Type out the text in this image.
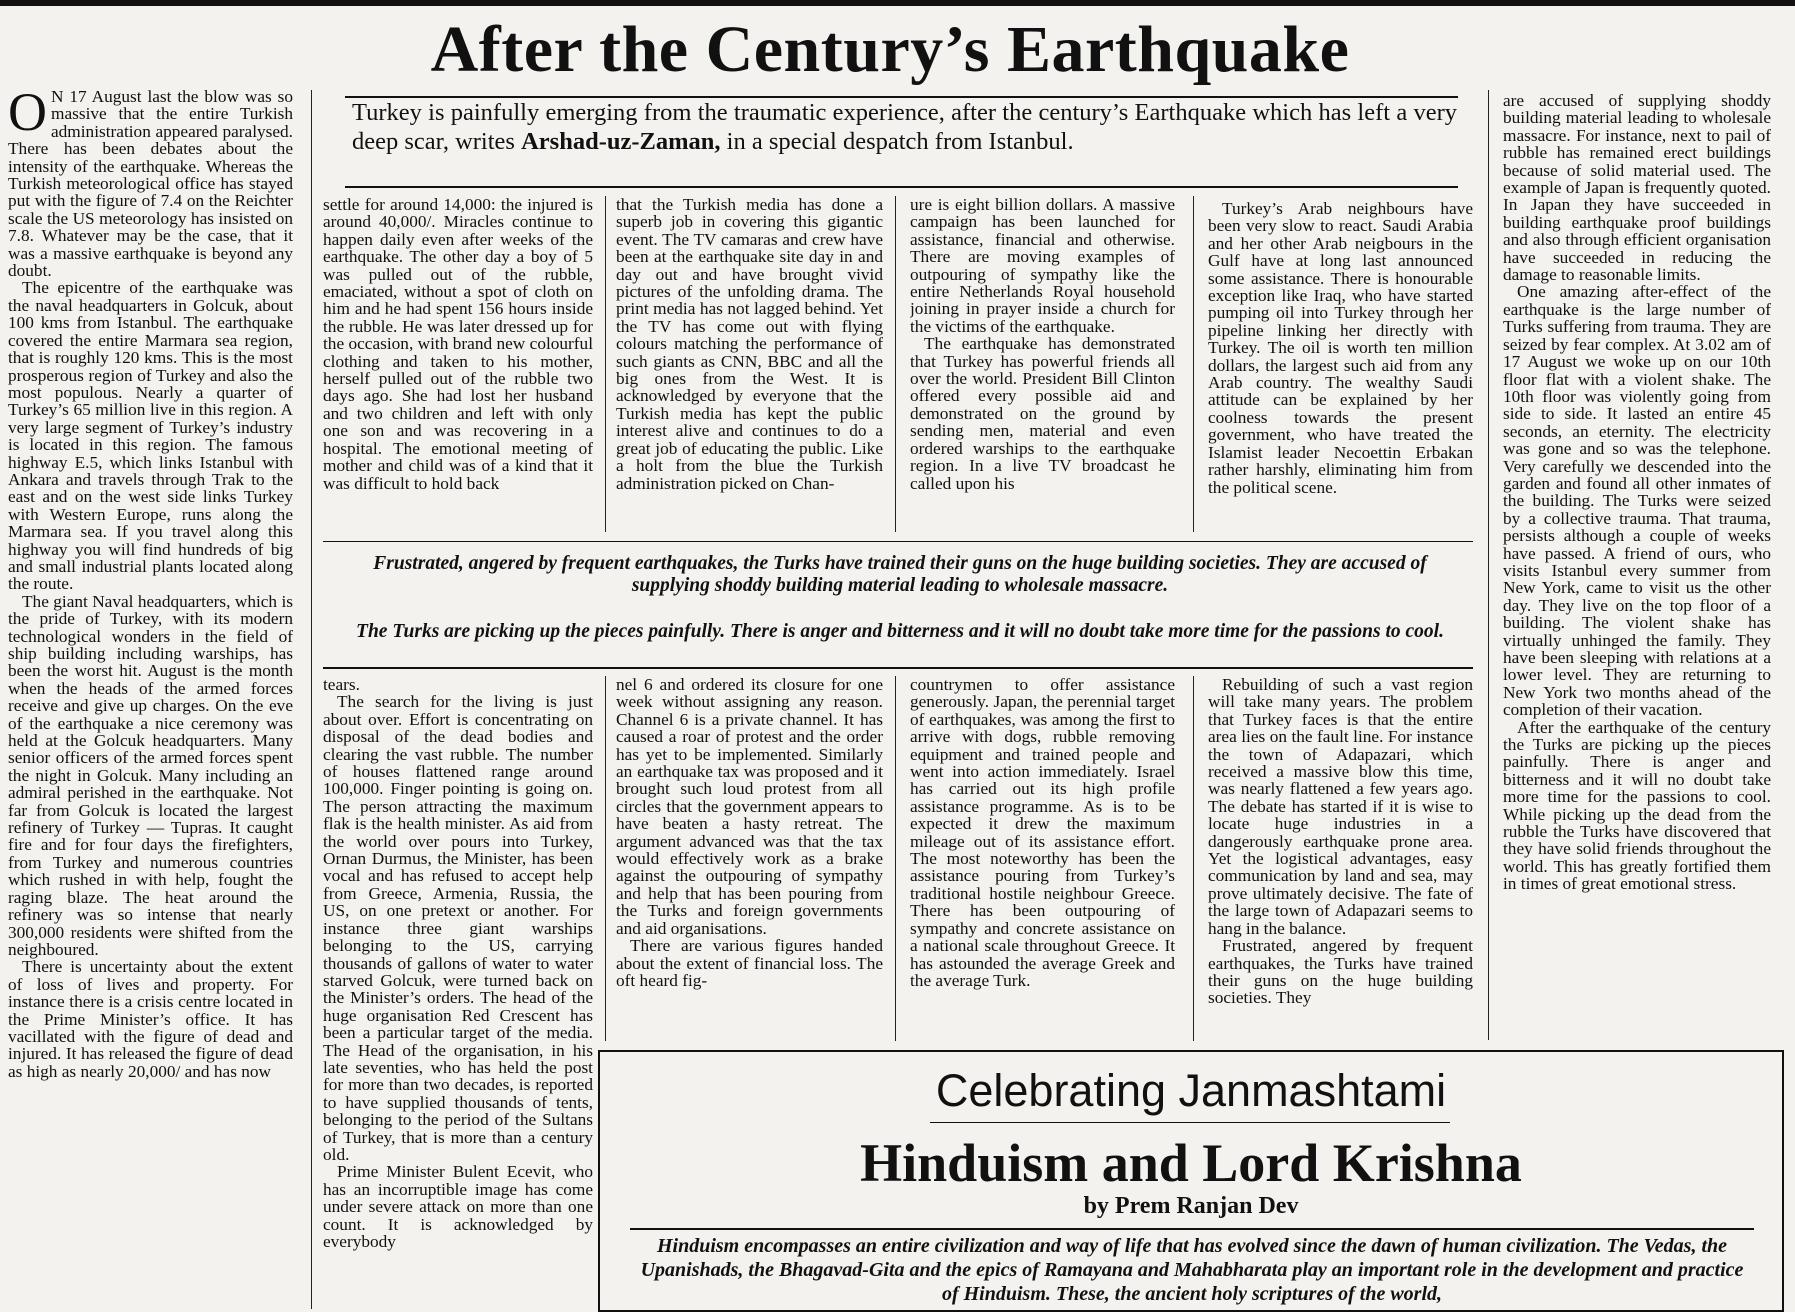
After the Century’s Earthquake

Turkey is painfully emerging from the traumatic experience, after the century’s Earthquake which has left a very deep scar, writes Arshad-uz-Zaman, in a special despatch from Istanbul.

O N 17 August last the blow was so massive that the entire Turkish administration appeared paralysed. There has been debates about the intensity of the earthquake. Whereas the Turkish meteorological office has stayed put with the figure of 7.4 on the Reichter scale the US meteorology has insisted on 7.8. Whatever may be the case, that it was a massive earthquake is beyond any doubt.

The epicentre of the earthquake was the naval headquarters in Golcuk, about 100 kms from Istanbul. The earthquake covered the entire Marmara sea region, that is roughly 120 kms. This is the most prosperous region of Turkey and also the most populous. Nearly a quarter of Turkey’s 65 million live in this region. A very large segment of Turkey’s industry is located in this region. The famous highway E.5, which links Istanbul with Ankara and travels through Trak to the east and on the west side links Turkey with Western Europe, runs along the Marmara sea. If you travel along this highway you will find hundreds of big and small industrial plants located along the route.

The giant Naval headquarters, which is the pride of Turkey, with its modern technological wonders in the field of ship building including warships, has been the worst hit. August is the month when the heads of the armed forces receive and give up charges. On the eve of the earthquake a nice ceremony was held at the Golcuk headquarters. Many senior officers of the armed forces spent the night in Golcuk. Many including an admiral perished in the earthquake. Not far from Golcuk is located the largest refinery of Turkey — Tupras. It caught fire and for four days the firefighters, from Turkey and numerous countries which rushed in with help, fought the raging blaze. The heat around the refinery was so intense that nearly 300,000 residents were shifted from the neighboured.

There is uncertainty about the extent of loss of lives and property. For instance there is a crisis centre located in the Prime Minister’s office. It has vacillated with the figure of dead and injured. It has released the figure of dead as high as nearly 20,000/ and has now

settle for around 14,000: the injured is around 40,000/. Miracles continue to happen daily even after weeks of the earthquake. The other day a boy of 5 was pulled out of the rubble, emaciated, without a spot of cloth on him and he had spent 156 hours inside the rubble. He was later dressed up for the occasion, with brand new colourful clothing and taken to his mother, herself pulled out of the rubble two days ago. She had lost her husband and two children and left with only one son and was recovering in a hospital. The emotional meeting of mother and child was of a kind that it was difficult to hold back

that the Turkish media has done a superb job in covering this gigantic event. The TV camaras and crew have been at the earthquake site day in and day out and have brought vivid pictures of the unfolding drama. The print media has not lagged behind. Yet the TV has come out with flying colours matching the performance of such giants as CNN, BBC and all the big ones from the West. It is acknowledged by everyone that the Turkish media has kept the public interest alive and continues to do a great job of educating the public. Like a holt from the blue the Turkish administration picked on Chan-

ure is eight billion dollars. A massive campaign has been launched for assistance, financial and otherwise. There are moving examples of outpouring of sympathy like the entire Netherlands Royal household joining in prayer inside a church for the victims of the earthquake.

The earthquake has demonstrated that Turkey has powerful friends all over the world. President Bill Clinton offered every possible aid and demonstrated on the ground by sending men, material and even ordered warships to the earthquake region. In a live TV broadcast he called upon his

Turkey’s Arab neighbours have been very slow to react. Saudi Arabia and her other Arab neigbours in the Gulf have at long last announced some assistance. There is honourable exception like Iraq, who have started pumping oil into Turkey through her pipeline linking her directly with Turkey. The oil is worth ten million dollars, the largest such aid from any Arab country. The wealthy Saudi attitude can be explained by her coolness towards the present government, who have treated the Islamist leader Necoettin Erbakan rather harshly, eliminating him from the political scene.

Frustrated, angered by frequent earthquakes, the Turks have trained their guns on the huge building societies. They are accused of supplying shoddy building material leading to wholesale massacre.

The Turks are picking up the pieces painfully. There is anger and bitterness and it will no doubt take more time for the passions to cool.

tears.

The search for the living is just about over. Effort is concentrating on disposal of the dead bodies and clearing the vast rubble. The number of houses flattened range around 100,000. Finger pointing is going on. The person attracting the maximum flak is the health minister. As aid from the world over pours into Turkey, Ornan Durmus, the Minister, has been vocal and has refused to accept help from Greece, Armenia, Russia, the US, on one pretext or another. For instance three giant warships belonging to the US, carrying thousands of gallons of water to water starved Golcuk, were turned back on the Minister’s orders. The head of the huge organisation Red Crescent has been a particular target of the media. The Head of the organisation, in his late seventies, who has held the post for more than two decades, is reported to have supplied thousands of tents, belonging to the period of the Sultans of Turkey, that is more than a century old.

Prime Minister Bulent Ecevit, who has an incorruptible image has come under severe attack on more than one count. It is acknowledged by everybody

nel 6 and ordered its closure for one week without assigning any reason. Channel 6 is a private channel. It has caused a roar of protest and the order has yet to be implemented. Similarly an earthquake tax was proposed and it brought such loud protest from all circles that the government appears to have beaten a hasty retreat. The argument advanced was that the tax would effectively work as a brake against the outpouring of sympathy and help that has been pouring from the Turks and foreign governments and aid organisations.

There are various figures handed about the extent of financial loss. The oft heard fig-

countrymen to offer assistance generously. Japan, the perennial target of earthquakes, was among the first to arrive with dogs, rubble removing equipment and trained people and went into action immediately. Israel has carried out its high profile assistance programme. As is to be expected it drew the maximum mileage out of its assistance effort. The most noteworthy has been the assistance pouring from Turkey’s traditional hostile neighbour Greece. There has been outpouring of sympathy and concrete assistance on a national scale throughout Greece. It has astounded the average Greek and the average Turk.

Rebuilding of such a vast region will take many years. The problem that Turkey faces is that the entire area lies on the fault line. For instance the town of Adapazari, which received a massive blow this time, was nearly flattened a few years ago. The debate has started if it is wise to locate huge industries in a dangerously earthquake prone area. Yet the logistical advantages, easy communication by land and sea, may prove ultimately decisive. The fate of the large town of Adapazari seems to hang in the balance.

Frustrated, angered by frequent earthquakes, the Turks have trained their guns on the huge building societies. They

are accused of supplying shoddy building material leading to wholesale massacre. For instance, next to pail of rubble has remained erect buildings because of solid material used. The example of Japan is frequently quoted. In Japan they have succeeded in building earthquake proof buildings and also through efficient organisation have succeeded in reducing the damage to reasonable limits.

One amazing after-effect of the earthquake is the large number of Turks suffering from trauma. They are seized by fear complex. At 3.02 am of 17 August we woke up on our 10th floor flat with a violent shake. The 10th floor was violently going from side to side. It lasted an entire 45 seconds, an eternity. The electricity was gone and so was the telephone. Very carefully we descended into the garden and found all other inmates of the building. The Turks were seized by a collective trauma. That trauma, persists although a couple of weeks have passed. A friend of ours, who visits Istanbul every summer from New York, came to visit us the other day. They live on the top floor of a building. The violent shake has virtually unhinged the family. They have been sleeping with relations at a lower level. They are returning to New York two months ahead of the completion of their vacation.

After the earthquake of the century the Turks are picking up the pieces painfully. There is anger and bitterness and it will no doubt take more time for the passions to cool. While picking up the dead from the rubble the Turks have discovered that they have solid friends throughout the world. This has greatly fortified them in times of great emotional stress.

Celebrating Janmashtami

Hinduism and Lord Krishna

by Prem Ranjan Dev

Hinduism encompasses an entire civilization and way of life that has evolved since the dawn of human civilization. The Vedas, the Upanishads, the Bhagavad-Gita and the epics of Ramayana and Mahabharata play an important role in the development and practice of Hinduism. These, the ancient holy scriptures of the world,
